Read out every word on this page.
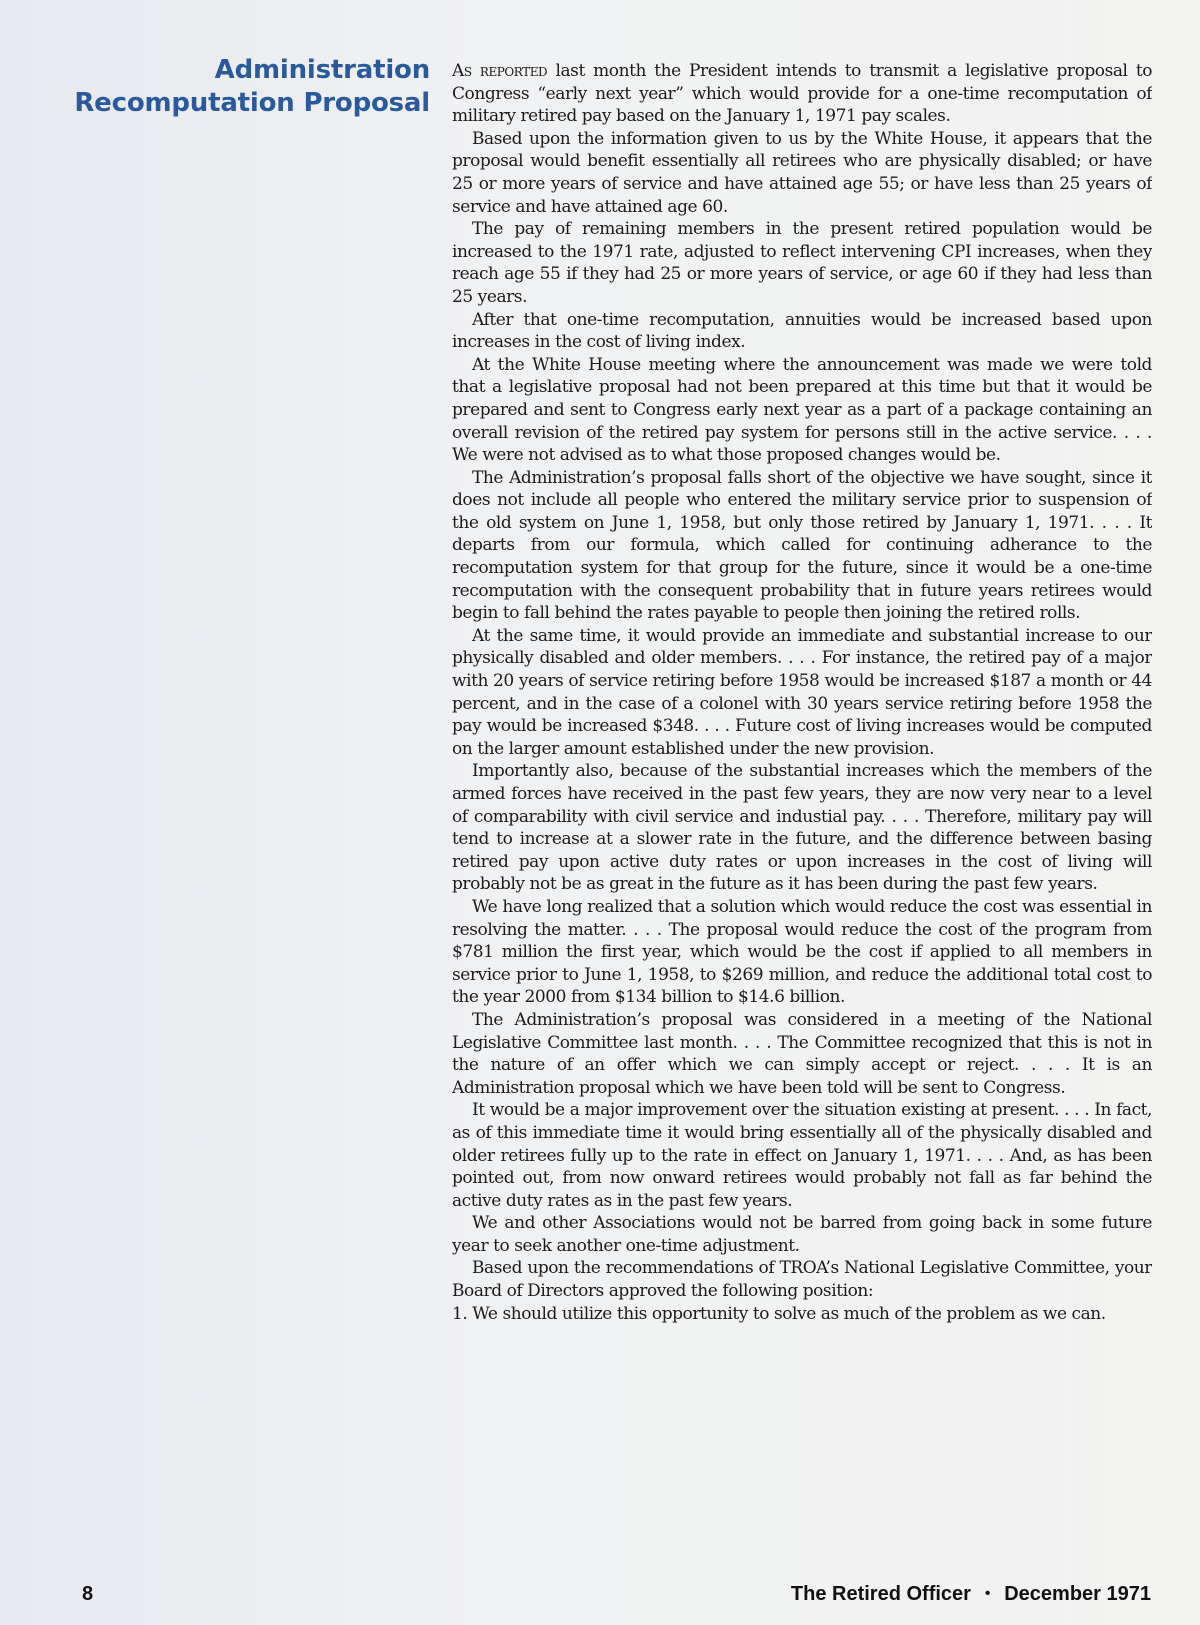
Administration
Recomputation Proposal

As reported last month the President intends to transmit a legislative proposal to Congress “early next year” which would provide for a one-time recomputation of military retired pay based on the January 1, 1971 pay scales.

Based upon the information given to us by the White House, it appears that the proposal would benefit essentially all retirees who are physically disabled; or have 25 or more years of service and have attained age 55; or have less than 25 years of service and have attained age 60.

The pay of remaining members in the present retired population would be increased to the 1971 rate, adjusted to reflect intervening CPI increases, when they reach age 55 if they had 25 or more years of service, or age 60 if they had less than 25 years.

After that one-time recomputation, annuities would be increased based upon increases in the cost of living index.

At the White House meeting where the announcement was made we were told that a legislative proposal had not been prepared at this time but that it would be prepared and sent to Congress early next year as a part of a package containing an overall revision of the retired pay system for persons still in the active service. . . . We were not advised as to what those proposed changes would be.

The Administration’s proposal falls short of the objective we have sought, since it does not include all people who entered the military service prior to suspension of the old system on June 1, 1958, but only those retired by January 1, 1971. . . . It departs from our formula, which called for continuing adherance to the recomputation system for that group for the future, since it would be a one-time recomputation with the consequent probability that in future years retirees would begin to fall behind the rates payable to people then joining the retired rolls.

At the same time, it would provide an immediate and substantial increase to our physically disabled and older members. . . . For instance, the retired pay of a major with 20 years of service retiring before 1958 would be increased $187 a month or 44 percent, and in the case of a colonel with 30 years service retiring before 1958 the pay would be increased $348. . . . Future cost of living increases would be computed on the larger amount established under the new provision.

Importantly also, because of the substantial increases which the members of the armed forces have received in the past few years, they are now very near to a level of comparability with civil service and industial pay. . . . Therefore, military pay will tend to increase at a slower rate in the future, and the difference between basing retired pay upon active duty rates or upon increases in the cost of living will probably not be as great in the future as it has been during the past few years.

We have long realized that a solution which would reduce the cost was essential in resolving the matter. . . . The proposal would reduce the cost of the program from $781 million the first year, which would be the cost if applied to all members in service prior to June 1, 1958, to $269 million, and reduce the additional total cost to the year 2000 from $134 billion to $14.6 billion.

The Administration’s proposal was considered in a meeting of the National Legislative Committee last month. . . . The Committee recognized that this is not in the nature of an offer which we can simply accept or reject. . . . It is an Administration proposal which we have been told will be sent to Congress.

It would be a major improvement over the situation existing at present. . . . In fact, as of this immediate time it would bring essentially all of the physically disabled and older retirees fully up to the rate in effect on January 1, 1971. . . . And, as has been pointed out, from now onward retirees would probably not fall as far behind the active duty rates as in the past few years.

We and other Associations would not be barred from going back in some future year to seek another one-time adjustment.

Based upon the recommendations of TROA’s National Legislative Committee, your Board of Directors approved the following position:

1. We should utilize this opportunity to solve as much of the problem as we can.

8	The Retired Officer • December 1971
